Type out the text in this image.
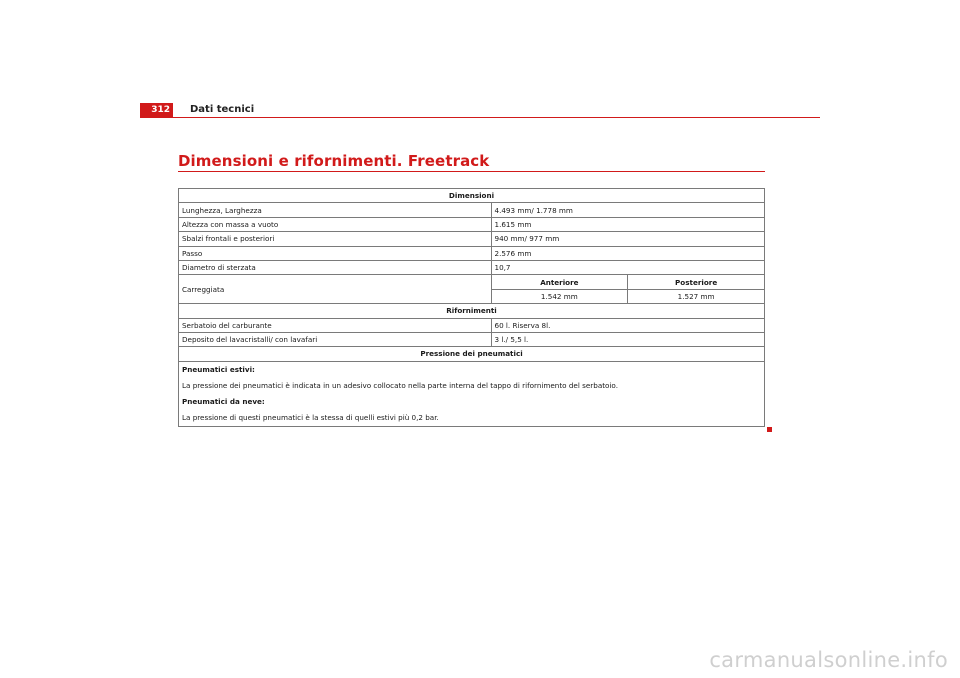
312	Dati tecnici
Dimensioni e rifornimenti. Freetrack
Dimensioni		
Lunghezza, Larghezza	4.493 mm/ 1.778 mm	
Altezza con massa a vuoto	1.615 mm	
Sbalzi frontali e posteriori	940 mm/ 977 mm	
Passo	2.576 mm	
Diametro di sterzata	10,7	
Carreggiata	Anteriore	Posteriore
	1.542 mm	1.527 mm
Rifornimenti		
Serbatoio del carburante	60 l. Riserva 8l.	
Deposito del lavacristalli/ con lavafari	3 l./ 5,5 l.	
Pressione dei pneumatici		

Pneumatici estivi:
La pressione dei pneumatici è indicata in un adesivo collocato nella parte interna del tappo di rifornimento del serbatoio.
Pneumatici da neve:
La pressione di questi pneumatici è la stessa di quelli estivi più 0,2 bar.		
carmanualsonline.info
